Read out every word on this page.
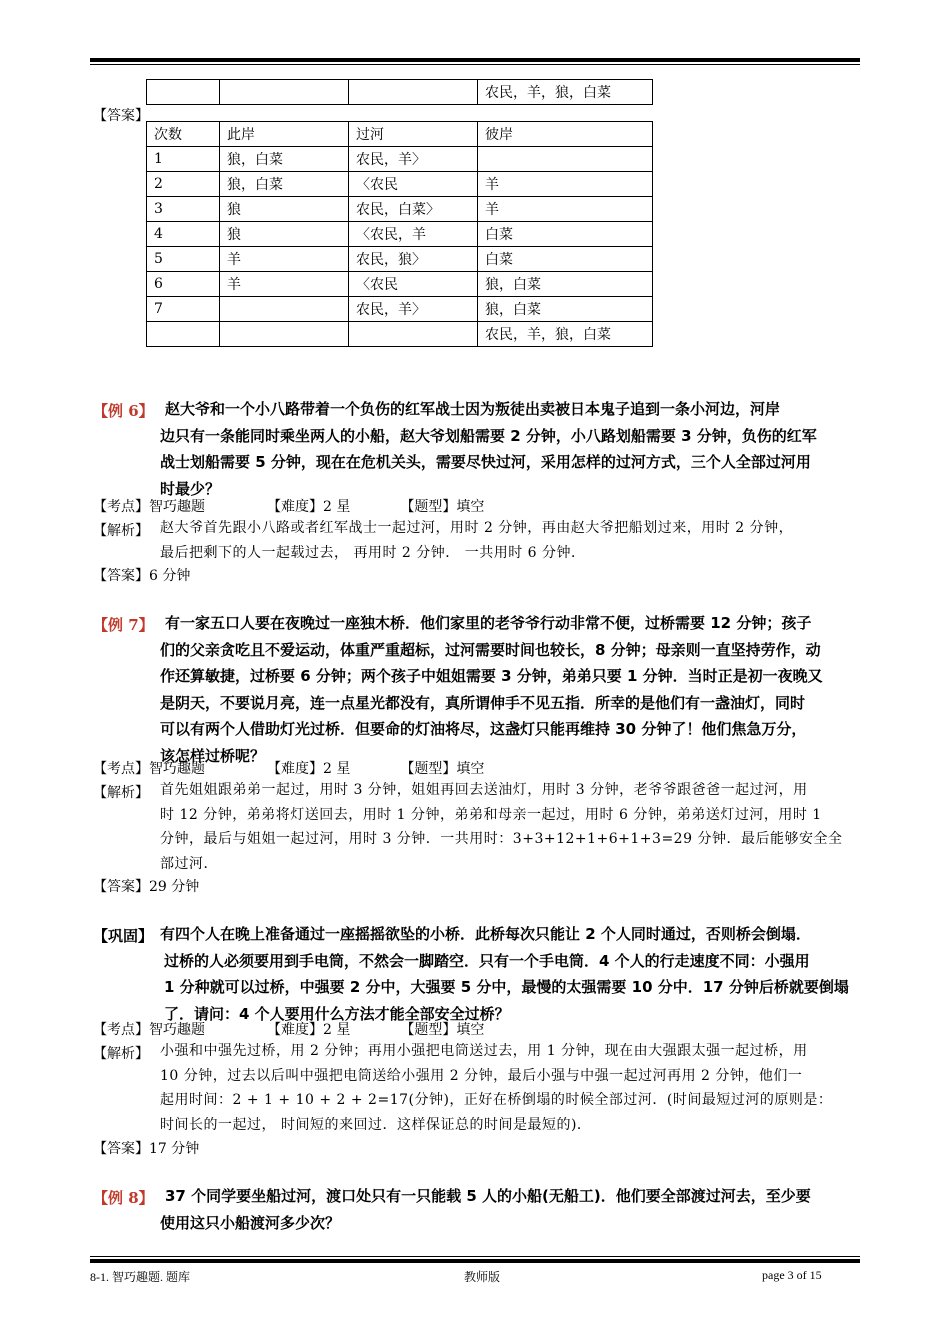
			农民，羊，狼，白菜
【答案】
次数	此岸	过河	彼岸
1	狼，白菜	农民，羊〉	
2	狼，白菜	〈农民	羊
3	狼	农民，白菜〉	羊
4	狼	〈农民，羊	白菜
5	羊	农民，狼〉	白菜
6	羊	〈农民	狼，白菜
7		农民，羊〉	狼，白菜
			农民，羊，狼，白菜
【例 6】 赵大爷和一个小八路带着一个负伤的红军战士因为叛徒出卖被日本鬼子追到一条小河边，河岸
边只有一条能同时乘坐两人的小船，赵大爷划船需要 2 分钟，小八路划船需要 3 分钟，负伤的红军
战士划船需要 5 分钟，现在在危机关头，需要尽快过河，采用怎样的过河方式，三个人全部过河用
时最少？
【考点】智巧趣题	【难度】2 星	【题型】填空
【解析】 赵大爷首先跟小八路或者红军战士一起过河，用时 2 分钟，再由赵大爷把船划过来，用时 2 分钟，
最后把剩下的人一起载过去， 再用时 2 分钟． 一共用时 6 分钟．
【答案】6 分钟
【例 7】 有一家五口人要在夜晚过一座独木桥．他们家里的老爷爷行动非常不便，过桥需要 12 分钟；孩子
们的父亲贪吃且不爱运动，体重严重超标，过河需要时间也较长，8 分钟；母亲则一直坚持劳作，动
作还算敏捷，过桥要 6 分钟；两个孩子中姐姐需要 3 分钟，弟弟只要 1 分钟．当时正是初一夜晚又
是阴天，不要说月亮，连一点星光都没有，真所谓伸手不见五指．所幸的是他们有一盏油灯，同时
可以有两个人借助灯光过桥．但要命的灯油将尽，这盏灯只能再维持 30 分钟了！他们焦急万分，
该怎样过桥呢？
【考点】智巧趣题	【难度】2 星	【题型】填空
【解析】 首先姐姐跟弟弟一起过，用时 3 分钟，姐姐再回去送油灯，用时 3 分钟，老爷爷跟爸爸一起过河，用
时 12 分钟，弟弟将灯送回去，用时 1 分钟，弟弟和母亲一起过，用时 6 分钟，弟弟送灯过河，用时 1
分钟，最后与姐姐一起过河，用时 3 分钟．一共用时：3+3+12+1+6+1+3=29 分钟．最后能够安全全
部过河．
【答案】29 分钟
【巩固】 有四个人在晚上准备通过一座摇摇欲坠的小桥．此桥每次只能让 2 个人同时通过，否则桥会倒塌．
过桥的人必须要用到手电筒，不然会一脚踏空．只有一个手电筒．4 个人的行走速度不同：小强用
1 分种就可以过桥，中强要 2 分中，大强要 5 分中，最慢的太强需要 10 分中．17 分钟后桥就要倒塌
了．请问：4 个人要用什么方法才能全部安全过桥？
【考点】智巧趣题	【难度】2 星	【题型】填空
【解析】 小强和中强先过桥，用 2 分钟；再用小强把电筒送过去，用 1 分钟，现在由大强跟太强一起过桥，用
10 分钟，过去以后叫中强把电筒送给小强用 2 分钟，最后小强与中强一起过河再用 2 分钟，他们一
起用时间：2 + 1 + 10 + 2 + 2=17(分钟)，正好在桥倒塌的时候全部过河．(时间最短过河的原则是：
时间长的一起过， 时间短的来回过．这样保证总的时间是最短的)．
【答案】17 分钟
【例 8】 37 个同学要坐船过河，渡口处只有一只能载 5 人的小船(无船工)．他们要全部渡过河去，至少要
使用这只小船渡河多少次？
8-1. 智巧趣题. 题库	教师版	page 3 of 15
